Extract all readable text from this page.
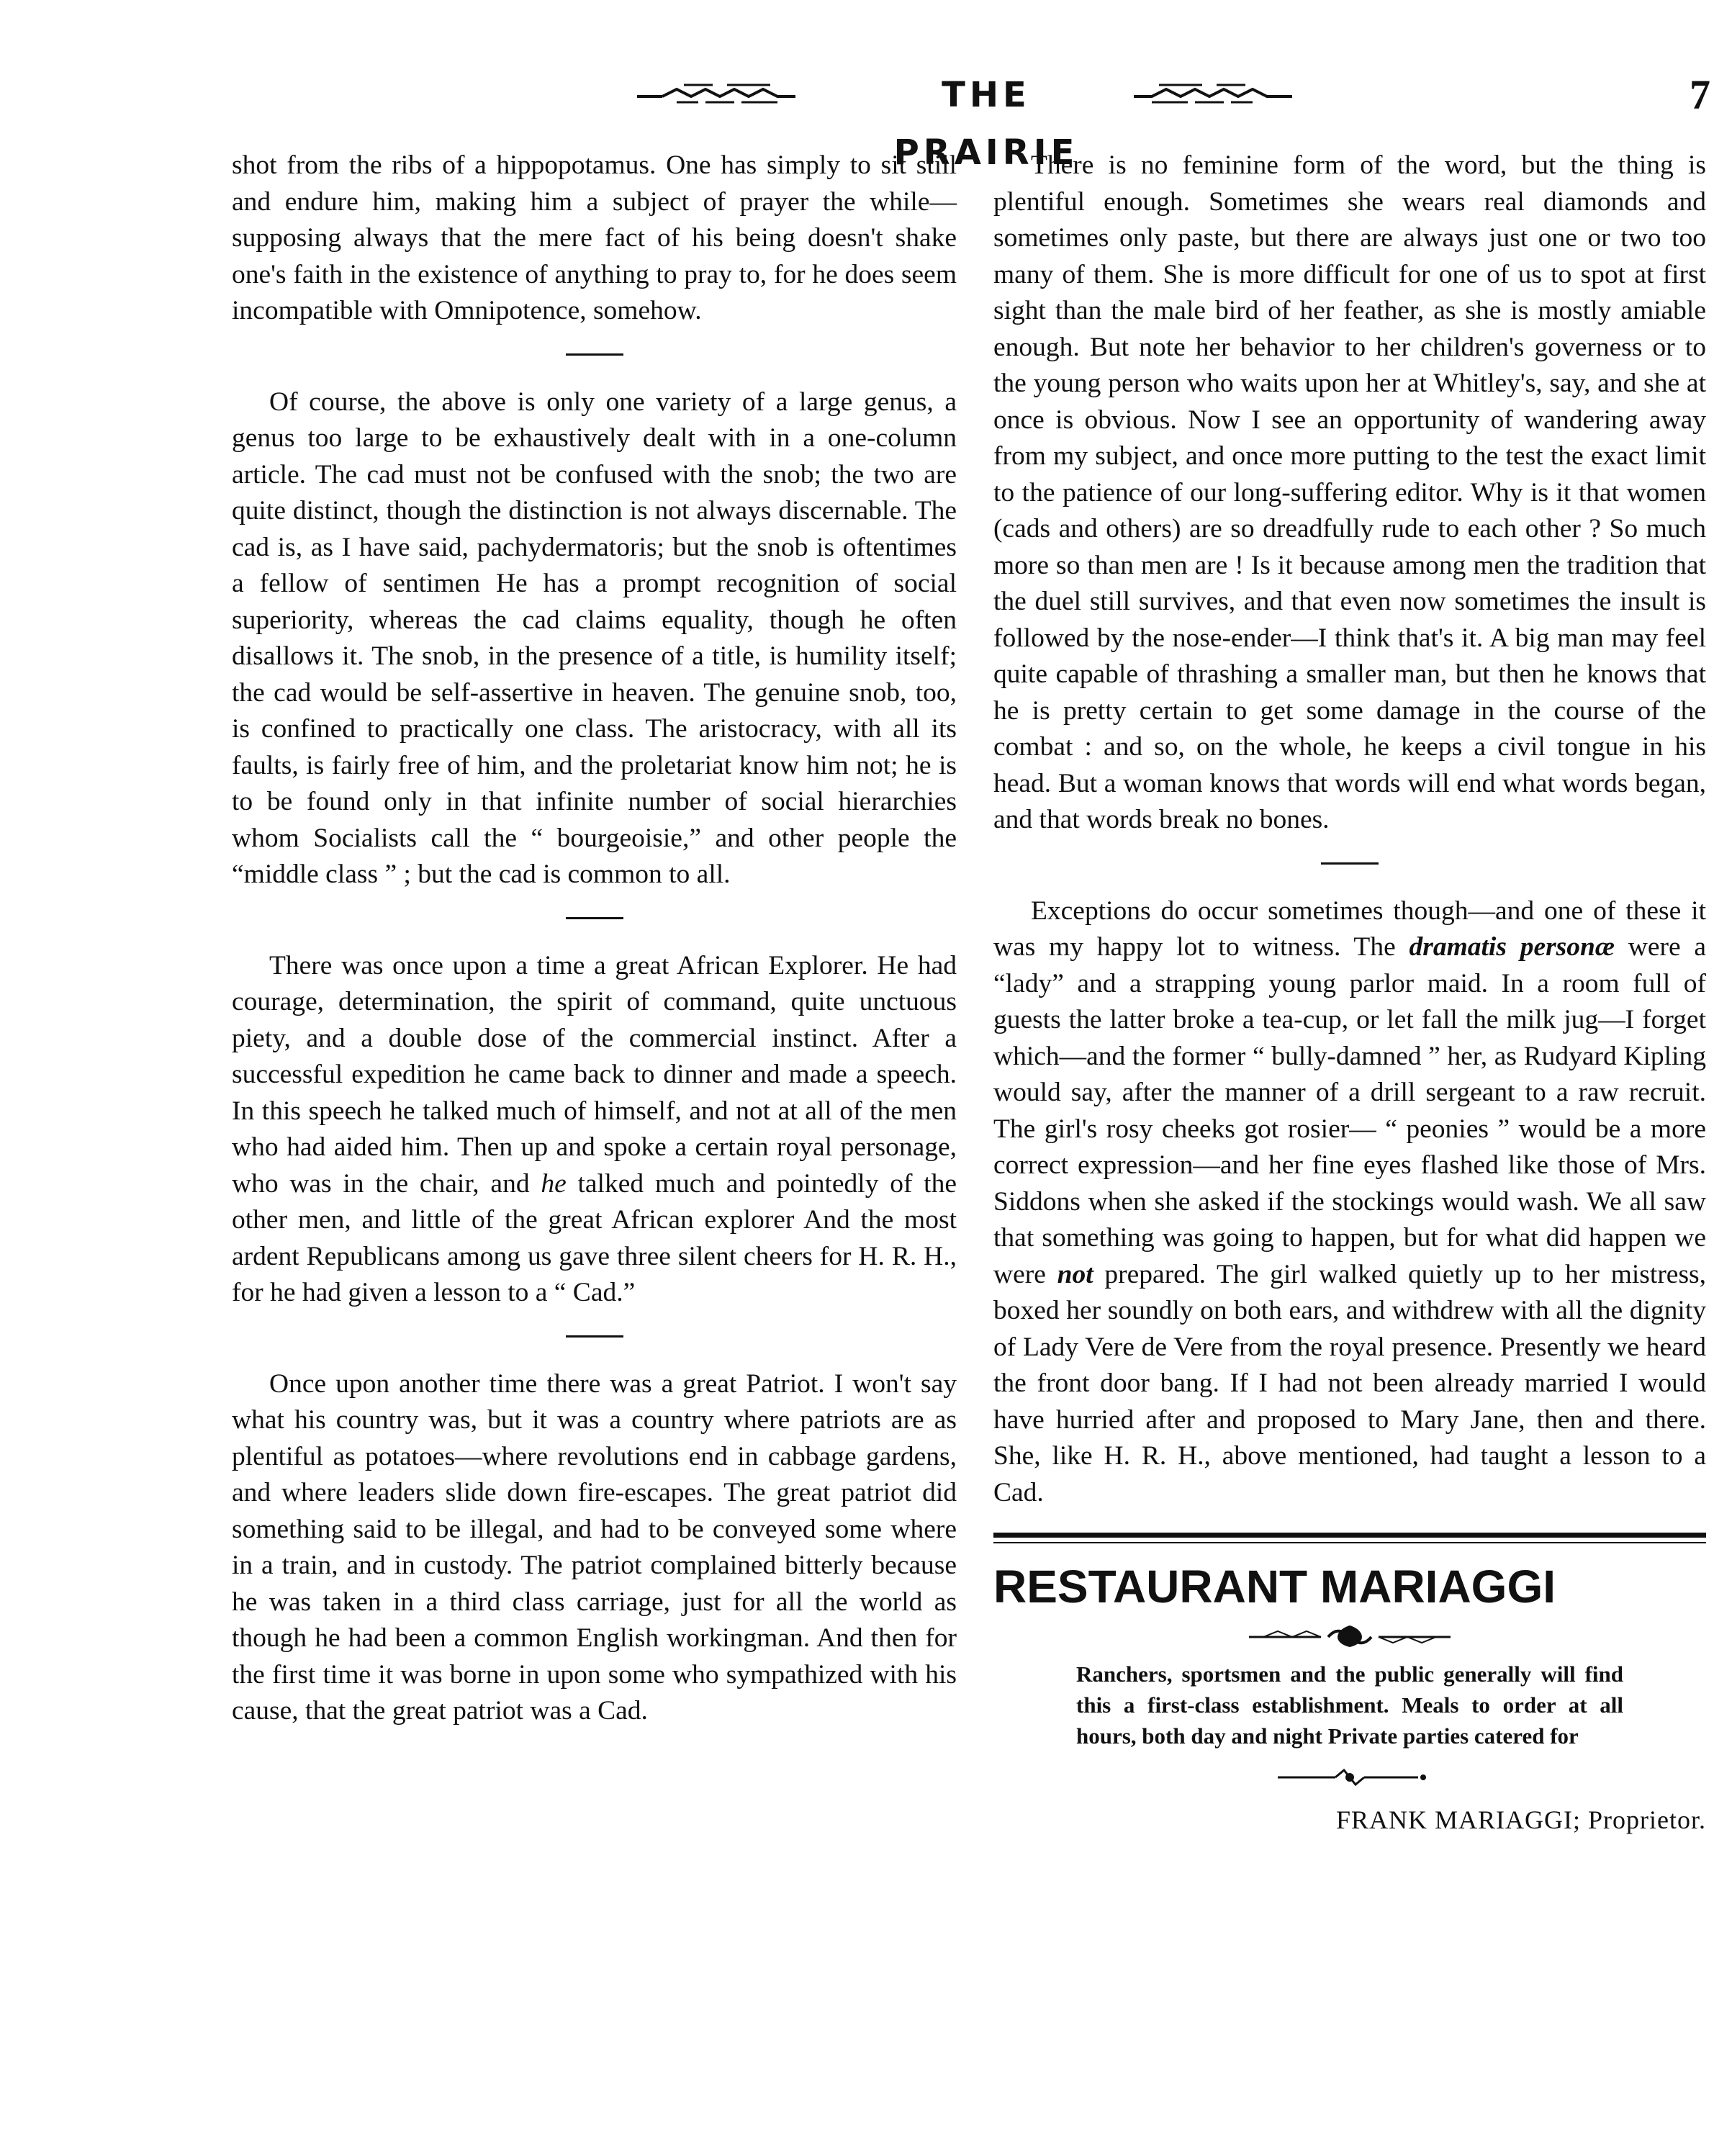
THE PRAIRIE
7

shot from the ribs of a hippopotamus. One has simply to sit still and endure him, making him a subject of prayer the while—supposing always that the mere fact of his being doesn't shake one's faith in the existence of anything to pray to, for he does seem incompatible with Omnipotence, somehow.

Of course, the above is only one variety of a large genus, a genus too large to be exhaustively dealt with in a one-column article. The cad must not be confused with the snob; the two are quite distinct, though the distinction is not always discernable. The cad is, as I have said, pachydermatoris; but the snob is oftentimes a fellow of sentimen He has a prompt recognition of social superiority, whereas the cad claims equality, though he often disallows it. The snob, in the presence of a title, is humility itself; the cad would be self-assertive in heaven. The genuine snob, too, is confined to practically one class. The aristocracy, with all its faults, is fairly free of him, and the proletariat know him not; he is to be found only in that infinite number of social hierarchies whom Socialists call the “ bourgeoisie,” and other people the “middle class ” ; but the cad is common to all.

There was once upon a time a great African Explorer. He had courage, determination, the spirit of command, quite unctuous piety, and a double dose of the commercial instinct. After a successful expedition he came back to dinner and made a speech. In this speech he talked much of himself, and not at all of the men who had aided him. Then up and spoke a certain royal personage, who was in the chair, and he talked much and pointedly of the other men, and little of the great African explorer And the most ardent Republicans among us gave three silent cheers for H. R. H., for he had given a lesson to a “ Cad.”

Once upon another time there was a great Patriot. I won't say what his country was, but it was a country where patriots are as plentiful as potatoes—where revolutions end in cabbage gardens, and where leaders slide down fire-escapes. The great patriot did something said to be illegal, and had to be conveyed some where in a train, and in custody. The patriot complained bitterly because he was taken in a third class carriage, just for all the world as though he had been a common English workingman. And then for the first time it was borne in upon some who sympathized with his cause, that the great patriot was a Cad.

There is no feminine form of the word, but the thing is plentiful enough. Sometimes she wears real diamonds and sometimes only paste, but there are always just one or two too many of them. She is more difficult for one of us to spot at first sight than the male bird of her feather, as she is mostly amiable enough. But note her behavior to her children's governess or to the young person who waits upon her at Whitley's, say, and she at once is obvious. Now I see an opportunity of wandering away from my subject, and once more putting to the test the exact limit to the patience of our long-suffering editor. Why is it that women (cads and others) are so dreadfully rude to each other ? So much more so than men are ! Is it because among men the tradition that the duel still survives, and that even now sometimes the insult is followed by the nose-ender—I think that's it. A big man may feel quite capable of thrashing a smaller man, but then he knows that he is pretty certain to get some damage in the course of the combat : and so, on the whole, he keeps a civil tongue in his head. But a woman knows that words will end what words began, and that words break no bones.

Exceptions do occur sometimes though—and one of these it was my happy lot to witness. The dramatis personæ were a “lady” and a strapping young parlor maid. In a room full of guests the latter broke a tea-cup, or let fall the milk jug—I forget which—and the former “ bully-damned ” her, as Rudyard Kipling would say, after the manner of a drill sergeant to a raw recruit. The girl's rosy cheeks got rosier— “ peonies ” would be a more correct expression—and her fine eyes flashed like those of Mrs. Siddons when she asked if the stockings would wash. We all saw that something was going to happen, but for what did happen we were not prepared. The girl walked quietly up to her mistress, boxed her soundly on both ears, and withdrew with all the dignity of Lady Vere de Vere from the royal presence. Presently we heard the front door bang. If I had not been already married I would have hurried after and proposed to Mary Jane, then and there. She, like H. R. H., above mentioned, had taught a lesson to a Cad.

RESTAURANT MARIAGGI
Ranchers, sportsmen and the public generally will find this a first-class establishment. Meals to order at all hours, both day and night Private parties catered for
FRANK MARIAGGI; Proprietor.
